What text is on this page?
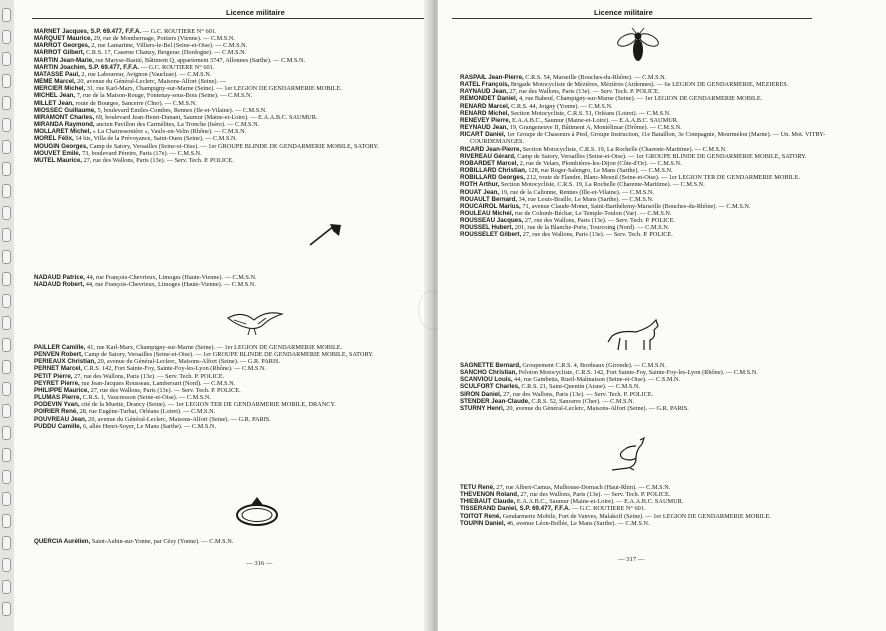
Licence militaire
MARNET Jacques, S.P. 69.477, F.F.A. — G.C. ROUTIERE N° 601.
MARQUET Maurice, 29, rue de Montbernage, Poitiers (Vienne). — C.M.S.N.
MARROT Georges, 2, rue Lamartine, Villiers-le-Bel (Seine-et-Oise). — C.M.S.N.
MARROT Gilbert, C.R.S. 17, Caserne Chanzy, Bergerac (Dordogne). — C.M.S.N.
MARTIN Jean-Marie, rue Maryse-Bastié, Bâtiment Q, appartement 3747, Allonnes (Sarthe). — C.M.S.N.
MARTIN Joachim, S.P. 69.477, F.F.A. — G.C. ROUTIERE N° 601.
MATASSE Paul, 2, rue Laboureur, Avignon (Vaucluse). — C.M.S.N.
MEME Marcel, 20, avenue du Général-Leclerc, Maisons-Alfort (Seine). —
MERCIER Michel, 31, rue Karl-Marx, Champigny-sur-Marne (Seine). — 1er LEGION DE GENDARMERIE MOBILE.
MICHEL Jean, 7, rue de la Maison-Rouge, Fontenay-sous-Bois (Seine). — C.M.S.N.
MILLET Jean, route de Bourges, Sancerre (Cher). — C.M.S.N.
MIOSSEC Guillaume, 5, boulevard Emiles-Combes, Rennes (Ile-et-Vilaine). — C.M.S.N.
MIRAMONT Charles, 69, boulevard Jean-Henri-Dunant, Saumur (Maine-et-Loire). — E.A.A.B.C. SAUMUR.
MIRANDA Raymond, ancien Pavillon des Carmélites, La Tronche (Isère). — C.M.S.N.
MOLLARET Michel, « La Chairessonière », Vaulx-en-Velin (Rhône). — C.M.S.N.
MOREL Félix, 14 bis, Villa de la Prévoyance, Saint-Ouen (Seine). — C.M.S.N.
MOUGIN Georges, Camp de Satory, Versailles (Seine-et-Oise). — 1er GROUPE BLINDE DE GENDARMERIE MOBILE, SATORY.
MOUVET Emile, 73, boulevard Péreire, Paris (17e). — C.M.S.N.
MUTEL Maurice, 27, rue des Wallons, Paris (13e). — Serv. Tech. P. POLICE.
NADAUD Patrice, 44, rue François-Chevrieux, Limoges (Haute-Vienne). — C.M.S.N.
NADAUD Robert, 44, rue François-Chevrieux, Limoges (Haute-Vienne). — C.M.S.N.
PAILLER Camille, 41, rue Karl-Marx, Champigny-sur-Marne (Seine). — 1er LEGION DE GENDARMERIE MOBILE.
PENVEN Robert, Camp de Satory, Versailles (Seine-et-Oise). — 1er GROUPE BLINDE DE GENDARMERIE MOBILE, SATORY.
PERIEAUX Christian, 20, avenue du Général-Leclerc, Maisons-Alfort (Seine). — G.R. PARIS.
PERNET Marcel, C.R.S. 142, Fort Sainte-Foy, Sainte-Foy-les-Lyon (Rhône). — C.M.S.N.
PETIT Pierre, 27, rue des Wallons, Paris (13e). — Serv. Tech. P. POLICE.
PEYRET Pierre, rue Jean-Jacques Rousseau, Lambersart (Nord). — C.M.S.N.
PHILIPPE Maurice, 27, rue des Wallons, Paris (13e). — Serv. Tech. P. POLICE.
PLUMAS Pierre, C.R.S. 1, Vaucresson (Seine-et-Oise). — C.M.S.N.
PODEVIN Yvan, cité de la Muette, Drancy (Seine). — 1er LEGION TER DE GENDARMERIE MOBILE, DRANCY.
POIRIER René, 28, rue Eugène-Turbat, Orléans (Loiret). — C.M.S.N.
POUVREAU Jean, 20, avenue du Général-Leclerc, Maisons-Alfort (Seine). — G.R. PARIS.
PUDDU Camille, 6, allée Henri-Soyer, Le Mans (Sarthe). — C.M.S.N.
QUERCIA Aurélien, Saint-Aubin-sur-Yonne, par Cézy (Yonne). — C.M.S.N.
— 316 —
Licence militaire
RASPAIL Jean-Pierre, C.R.S. 54, Marseille (Bouches-du-Rhône). — C.M.S.N.
RATEL François, Brigade Motocycliste de Mézières, Mézières (Ardennes). — 6e LEGION DE GENDARMERIE, MEZIERES.
RAYNAUD Jean, 27, rue des Wallons, Paris (13e). — Serv. Tech. P. POLICE.
REMONDET Daniel, 4, rue Babeuf, Champigny-sur-Marne (Seine). — 1er LEGION DE GENDARMERIE MOBILE.
RENARD Marcel, C.R.S. 44, Joigny (Yonne). — C.M.S.N.
RENARD Michel, Section Motocycliste, C.R.S. 51, Orléans (Loiret). — C.M.S.N.
RENEVEY Pierre, E.A.A.B.C., Saumur (Maine-et-Loire). — E.A.A.B.C. SAUMUR.
REYNAUD Jean, 19, Grangeneuve II, Bâtiment A, Montélimar (Drôme). — C.M.S.N.
RICART Daniel, 1er Groupe de Chasseurs à Pied, Groupe Instruction, 11e Bataillon, 3e Compagnie, Mourmelon (Marne). — Un. Mot. VITRY-COURDEMANGES.
RICARD Jean-Pierre, Section Motocycliste, C.R.S. 19, La Rochelle (Charente-Maritime). — C.M.S.N.
RIVEREAU Gérard, Camp de Satory, Versailles (Seine-et-Oise). — 1er GROUPE BLINDE DE GENDARMERIE MOBILE, SATORY.
ROBARDET Marcel, 2, rue de Velars, Plombières-les-Dijon (Côte-d'Or). — C.M.S.N.
ROBILLARD Christian, 128, rue Roger-Salengro, Le Mans (Sarthe). — C.M.S.N.
ROBILLARD Georges, 212, route de Flandre, Blanc-Mesnil (Seine-et-Oise). — 1er LEGION TER DE GENDARMERIE MOBILE.
ROTH Arthur, Section Motocycliste, C.R.S. 19, La Rochelle (Charente-Maritime). — C.M.S.N.
ROUAT Jean, 19, rue de la Calionne, Rennes (Ille-et-Vilaine). — C.M.S.N.
ROUAULT Bernard, 34, rue Louis-Braille, Le Mans (Sarthe). — C.M.S.N.
ROUCAIROL Marius, 71, avenue Claude-Monet, Saint-Barthélemy-Marseille (Bouches-du-Rhône). — C.M.S.N.
ROULEAU Michel, rue de Colomb-Béchar, Le Temple-Toulon (Var). — C.M.S.N.
ROUSSEAU Jacques, 27, rue des Wallons, Paris (13e). — Serv. Tech. P. POLICE.
ROUSSEL Hubert, 201, rue de la Blanche-Porte, Tourcoing (Nord). — C.M.S.N.
ROUSSELET Gilbert, 27, rue des Wallons, Paris (13e). — Serv. Tech. P. POLICE.
SAGNETTE Bernard, Groupement C.R.S. 4, Bordeaux (Gironde). — C.M.S.N.
SANCHO Christian, Peloton Motocycliste, C.R.S. 142, Fort Sainte-Foy, Sainte-Foy-les-Lyon (Rhône). — C.M.S.N.
SCANVIOU Louis, 44, rue Gambetta, Rueil-Malmaison (Seine-et-Oise). — C.S.M.N.
SCULFORT Charles, C.R.S. 21, Saint-Quentin (Aisne). — C.M.S.N.
SIRON Daniel, 27, rue des Wallons, Paris (13e). — Serv. Tech. P. POLICE.
STENDER Jean-Claude, C.R.S. 52, Sancerre (Cher). — C.M.S.N.
STURNY Henri, 20, avenue du Général-Leclerc, Maisons-Alfort (Seine). — G.R. PARIS.
TETU René, 27, rue Albert-Camus, Mulhouse-Dornach (Haut-Rhin). — C.M.S.N.
THEVENON Roland, 27, rue des Wallons, Paris (13e). — Serv. Tech. P. POLICE.
THIEBAUT Claude, E.A.A.B.C., Saumur (Maine-et-Loire). — E.A.A.B.C. SAUMUR.
TISSERAND Daniel, S.P. 69.477, F.F.A. — G.C. ROUTIERE N° 601.
TOITOT René, Gendarmerie Mobile, Fort de Vanves, Malakoff (Seine). — 1er LEGION DE GENDARMERIE MOBILE.
TOUPIN Daniel, 46, avenue Léon-Bollée, Le Mans (Sarthe). — C.M.S.N.
— 317 —
